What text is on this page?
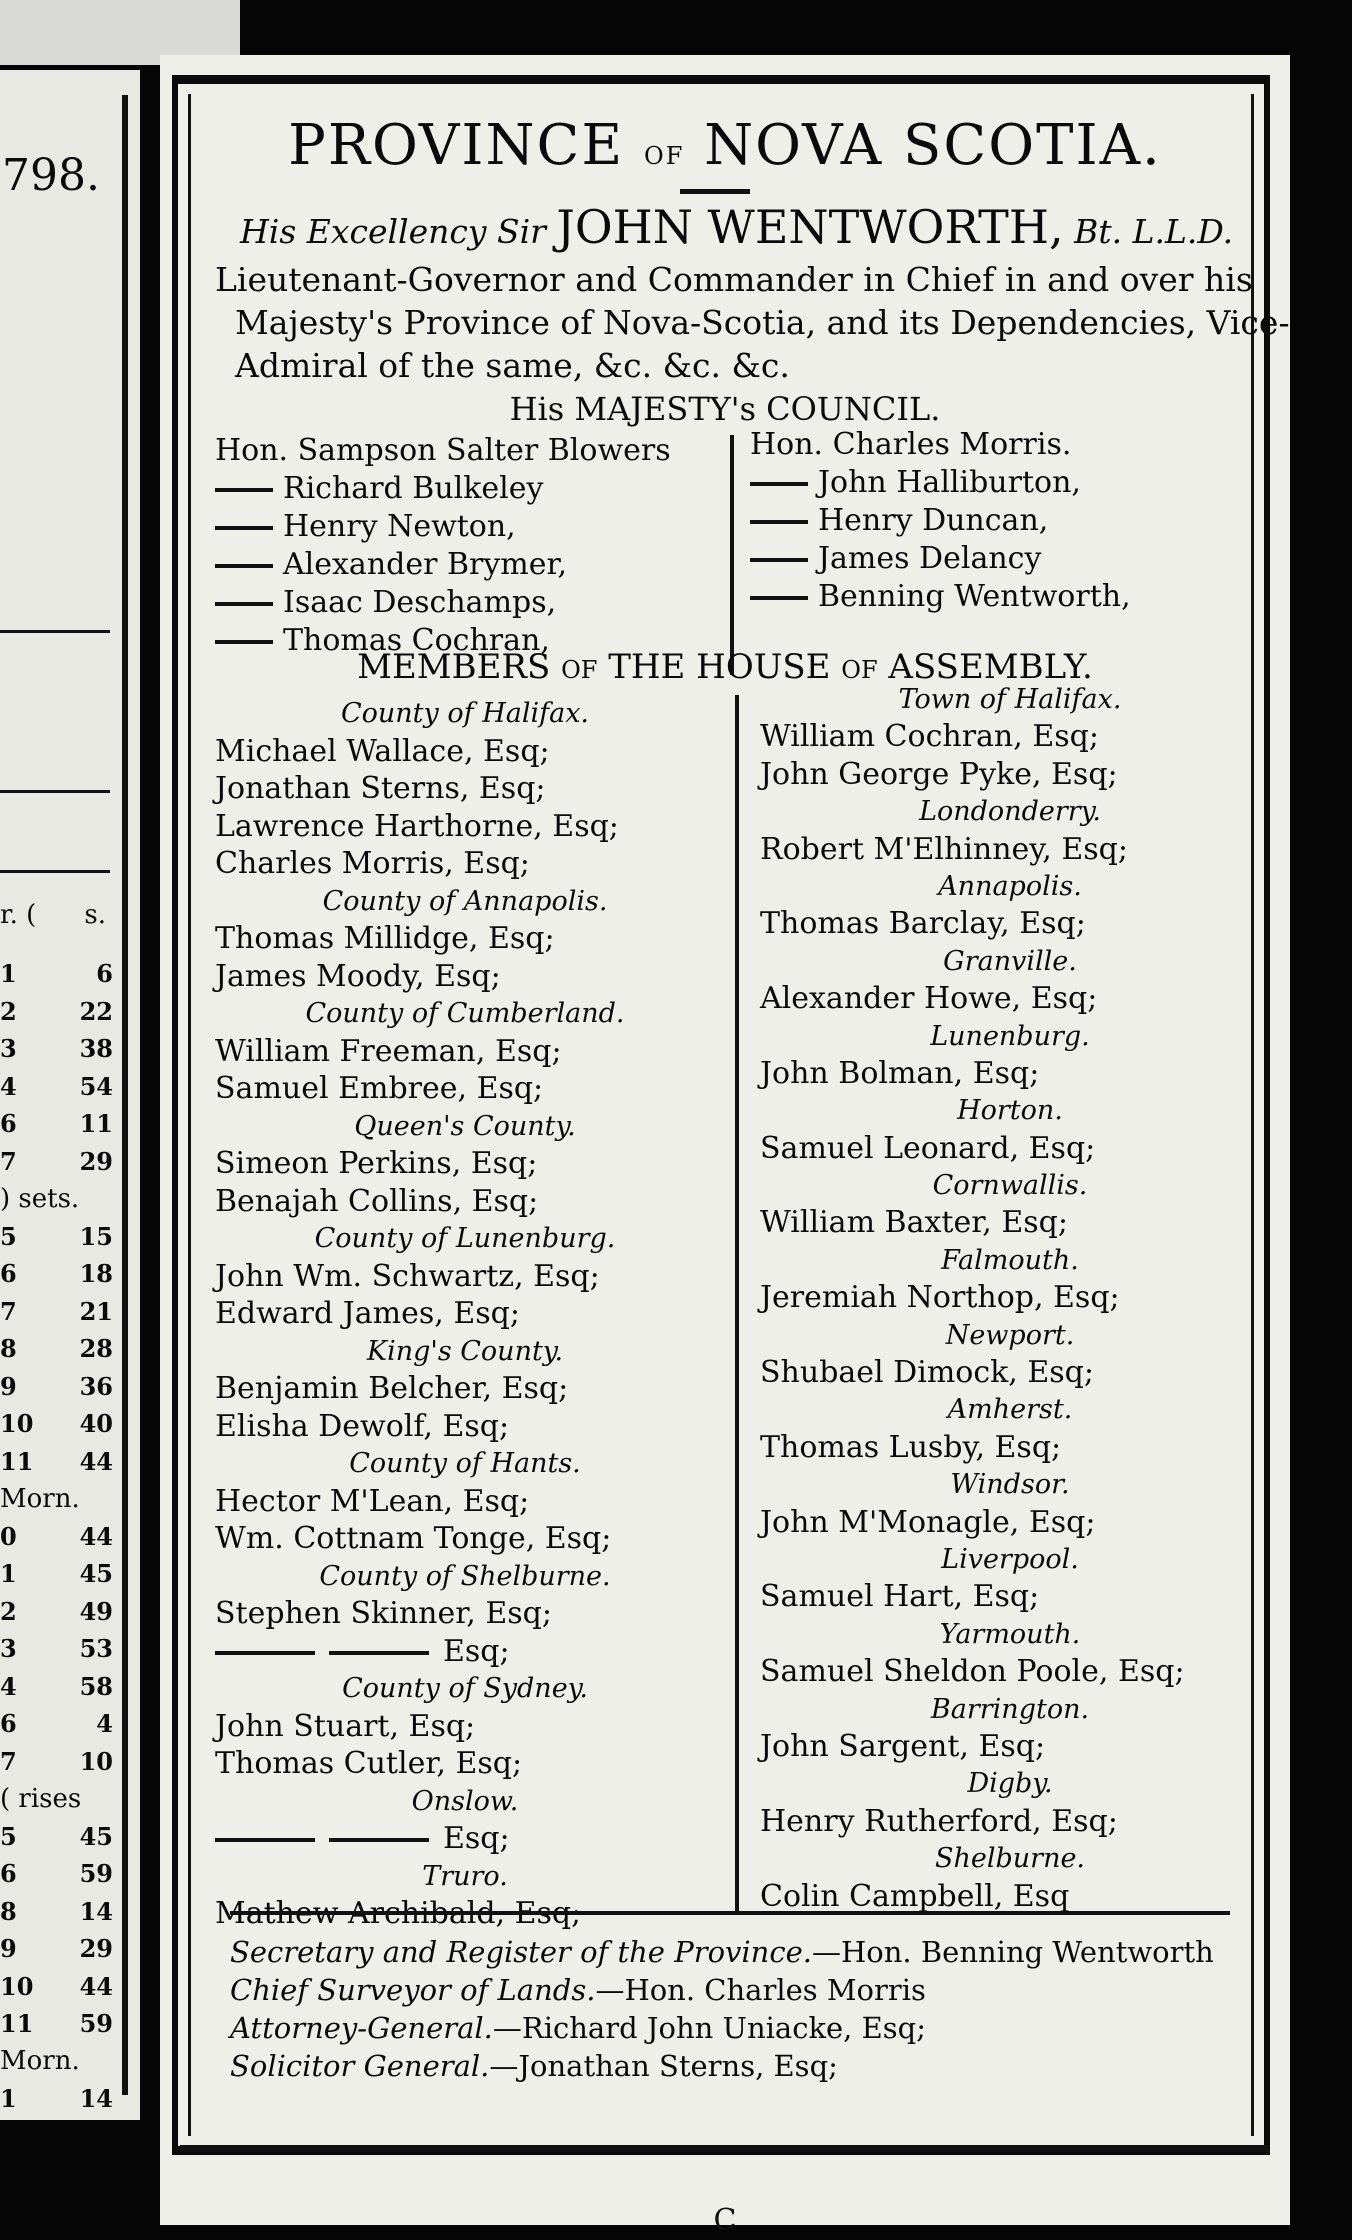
798.
r. ( s.
1	6
2	22
3	38
4	54
6	11
7	29
) sets.
5	15
6	18
7	21
8	28
9	36
10 40
11 44
Morn.
0	44
1	45
2	49
3	53
4	58
6	4
7	10
( rises
5	45
6	59
8	14
9	29
10 44
11 59
Morn.
1	14
PROVINCE of NOVA SCOTIA.
His Excellency Sir JOHN WENTWORTH, Bt. L.L.D.
Lieutenant-Governor and Commander in Chief in and over his
Majesty's Province of Nova-Scotia, and its Dependencies, Vice-
Admiral of the same, &c. &c. &c.
His MAJESTY's COUNCIL.
Hon. Sampson Salter Blowers
Richard Bulkeley
Henry Newton,
Alexander Brymer,
Isaac Deschamps,
Thomas Cochran,
Hon. Charles Morris.
John Halliburton,
Henry Duncan,
James Delancy
Benning Wentworth,
MEMBERS of THE HOUSE of ASSEMBLY.
County of Halifax.
Michael Wallace, Esq;
Jonathan Sterns, Esq;
Lawrence Harthorne, Esq;
Charles Morris, Esq;
County of Annapolis.
Thomas Millidge, Esq;
James Moody, Esq;
County of Cumberland.
William Freeman, Esq;
Samuel Embree, Esq;
Queen's County.
Simeon Perkins, Esq;
Benajah Collins, Esq;
County of Lunenburg.
John Wm. Schwartz, Esq;
Edward James, Esq;
King's County.
Benjamin Belcher, Esq;
Elisha Dewolf, Esq;
County of Hants.
Hector M'Lean, Esq;
Wm. Cottnam Tonge, Esq;
County of Shelburne.
Stephen Skinner, Esq;
Esq;
County of Sydney.
John Stuart, Esq;
Thomas Cutler, Esq;
Onslow.
Esq;
Truro.
Mathew Archibald, Esq;
Town of Halifax.
William Cochran, Esq;
John George Pyke, Esq;
Londonderry.
Robert M'Elhinney, Esq;
Annapolis.
Thomas Barclay, Esq;
Granville.
Alexander Howe, Esq;
Lunenburg.
John Bolman, Esq;
Horton.
Samuel Leonard, Esq;
Cornwallis.
William Baxter, Esq;
Falmouth.
Jeremiah Northop, Esq;
Newport.
Shubael Dimock, Esq;
Amherst.
Thomas Lusby, Esq;
Windsor.
John M'Monagle, Esq;
Liverpool.
Samuel Hart, Esq;
Yarmouth.
Samuel Sheldon Poole, Esq;
Barrington.
John Sargent, Esq;
Digby.
Henry Rutherford, Esq;
Shelburne.
Colin Campbell, Esq
Secretary and Register of the Province.—Hon. Benning Wentworth
Chief Surveyor of Lands.—Hon. Charles Morris
Attorney-General.—Richard John Uniacke, Esq;
Solicitor General.—Jonathan Sterns, Esq;
C
